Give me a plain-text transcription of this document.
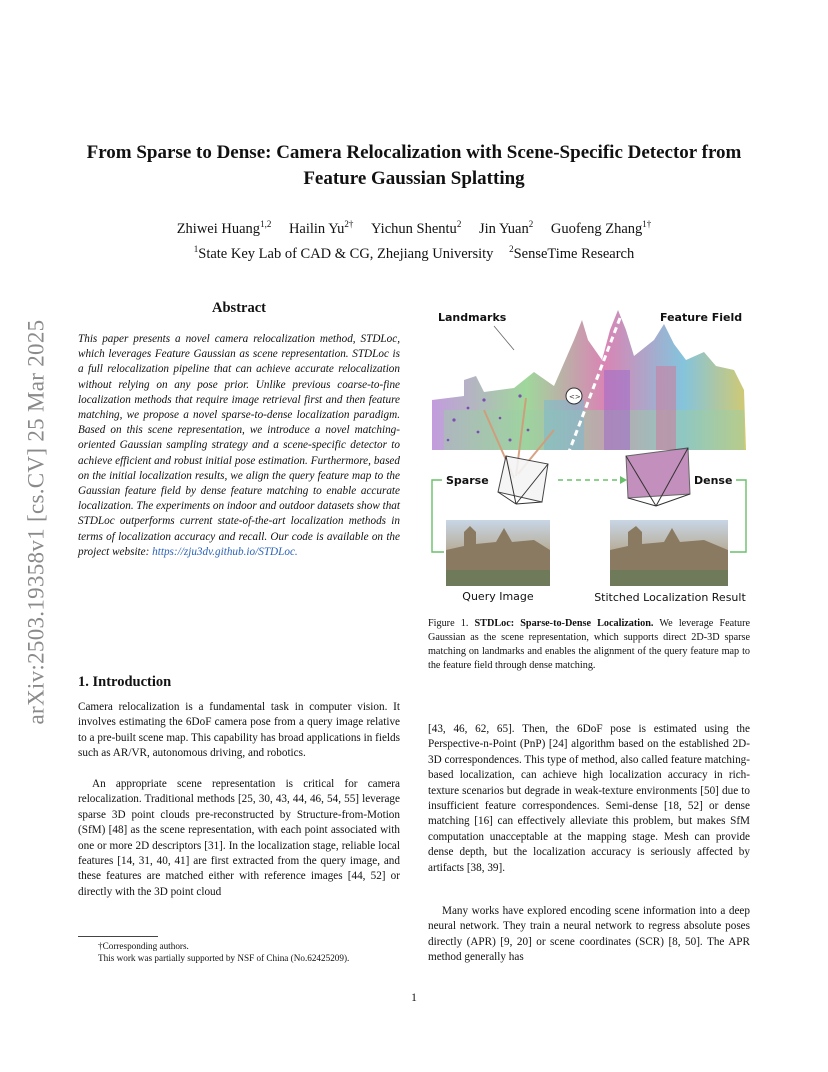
arXiv:2503.19358v1 [cs.CV] 25 Mar 2025
From Sparse to Dense: Camera Relocalization with Scene-Specific Detector from Feature Gaussian Splatting
Zhiwei Huang$^{1,2}$ Hailin $Yu^{2\dagger}$ Yichun Shentu$^2$ Jin Yuan$^2$ Guofeng Zhang$^{1\dagger}$
$^1$State Key Lab of CAD & CG, Zhejiang University $^2$SenseTime Research
Abstract
This paper presents a novel camera relocalization method, STDLoc, which leverages Feature Gaussian as scene representation. STDLoc is a full relocalization pipeline that can achieve accurate relocalization without relying on any pose prior. Unlike previous coarse-to-fine localization methods that require image retrieval first and then feature matching, we propose a novel sparse-to-dense localization paradigm. Based on this scene representation, we introduce a novel matching-oriented Gaussian sampling strategy and a scene-specific detector to achieve efficient and robust initial pose estimation. Furthermore, based on the initial localization results, we align the query feature map to the Gaussian feature field by dense feature matching to enable accurate localization. The experiments on indoor and outdoor datasets show that STDLoc outperforms current state-of-the-art localization methods in terms of localization accuracy and recall. Our code is available on the project website: https://zju3dv.github.io/STDLoc.
1. Introduction
Camera relocalization is a fundamental task in computer vision. It involves estimating the 6DoF camera pose from a query image relative to a pre-built scene map. This capability has broad applications in fields such as AR/VR, autonomous driving, and robotics.
An appropriate scene representation is critical for camera relocalization. Traditional methods [25, 30, 43, 44, 46, 54, 55] leverage sparse 3D point clouds pre-reconstructed by Structure-from-Motion (SfM) [48] as the scene representation, with each point associated with one or more 2D descriptors [31]. In the localization stage, reliable local features [14, 31, 40, 41] are first extracted from the query image, and these features are matched either with reference images [44, 52] or directly with the 3D point cloud
†Corresponding authors.
This work was partially supported by NSF of China (No.62425209).
Landmarks	Feature Field
<>
Sparse	Dense
Query Image	Stitched Localization Result
Figure 1. STDLoc: Sparse-to-Dense Localization. We leverage Feature Gaussian as the scene representation, which supports direct 2D-3D sparse matching on landmarks and enables the alignment of the query feature map to the feature field through dense matching.
[43, 46, 62, 65]. Then, the 6DoF pose is estimated using the Perspective-n-Point (PnP) [24] algorithm based on the established 2D-3D correspondences. This type of method, also called feature matching-based localization, can achieve high localization accuracy in rich-texture scenarios but degrade in weak-texture environments [50] due to insufficient feature correspondences. Semi-dense [18, 52] or dense matching [16] can effectively alleviate this problem, but makes SfM computation unacceptable at the mapping stage. Mesh can provide dense depth, but the localization accuracy is seriously affected by artifacts [38, 39].
Many works have explored encoding scene information into a deep neural network. They train a neural network to regress absolute poses directly (APR) [9, 20] or scene coordinates (SCR) [8, 50]. The APR method generally has
1
